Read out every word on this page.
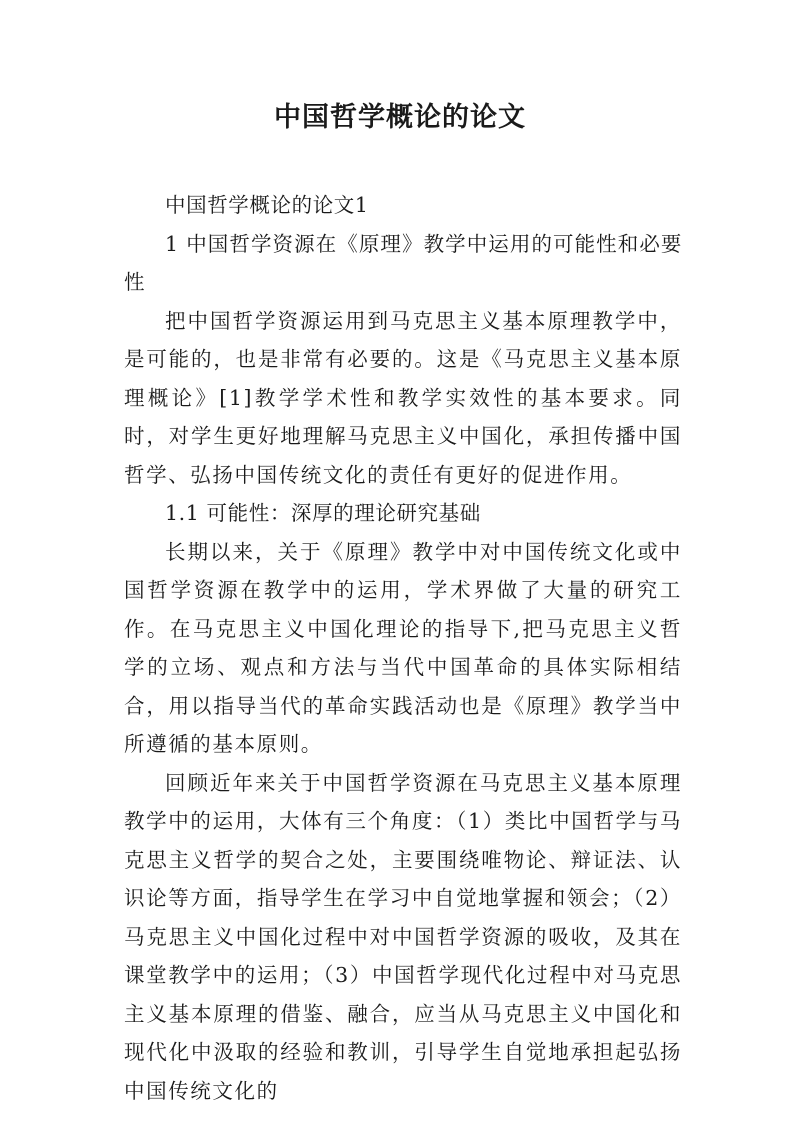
中国哲学概论的论文

中国哲学概论的论文1

1 中国哲学资源在《原理》教学中运用的可能性和必要性

把中国哲学资源运用到马克思主义基本原理教学中，是可能的，也是非常有必要的。这是《马克思主义基本原理概论》[1]教学学术性和教学实效性的基本要求。同时，对学生更好地理解马克思主义中国化，承担传播中国哲学、弘扬中国传统文化的责任有更好的促进作用。

1.1 可能性：深厚的理论研究基础

长期以来，关于《原理》教学中对中国传统文化或中国哲学资源在教学中的运用，学术界做了大量的研究工作。在马克思主义中国化理论的指导下,把马克思主义哲学的立场、观点和方法与当代中国革命的具体实际相结合，用以指导当代的革命实践活动也是《原理》教学当中所遵循的基本原则。

回顾近年来关于中国哲学资源在马克思主义基本原理教学中的运用，大体有三个角度：（1）类比中国哲学与马克思主义哲学的契合之处，主要围绕唯物论、辩证法、认识论等方面，指导学生在学习中自觉地掌握和领会；（2）马克思主义中国化过程中对中国哲学资源的吸收，及其在课堂教学中的运用；（3）中国哲学现代化过程中对马克思主义基本原理的借鉴、融合，应当从马克思主义中国化和现代化中汲取的经验和教训，引导学生自觉地承担起弘扬中国传统文化的
